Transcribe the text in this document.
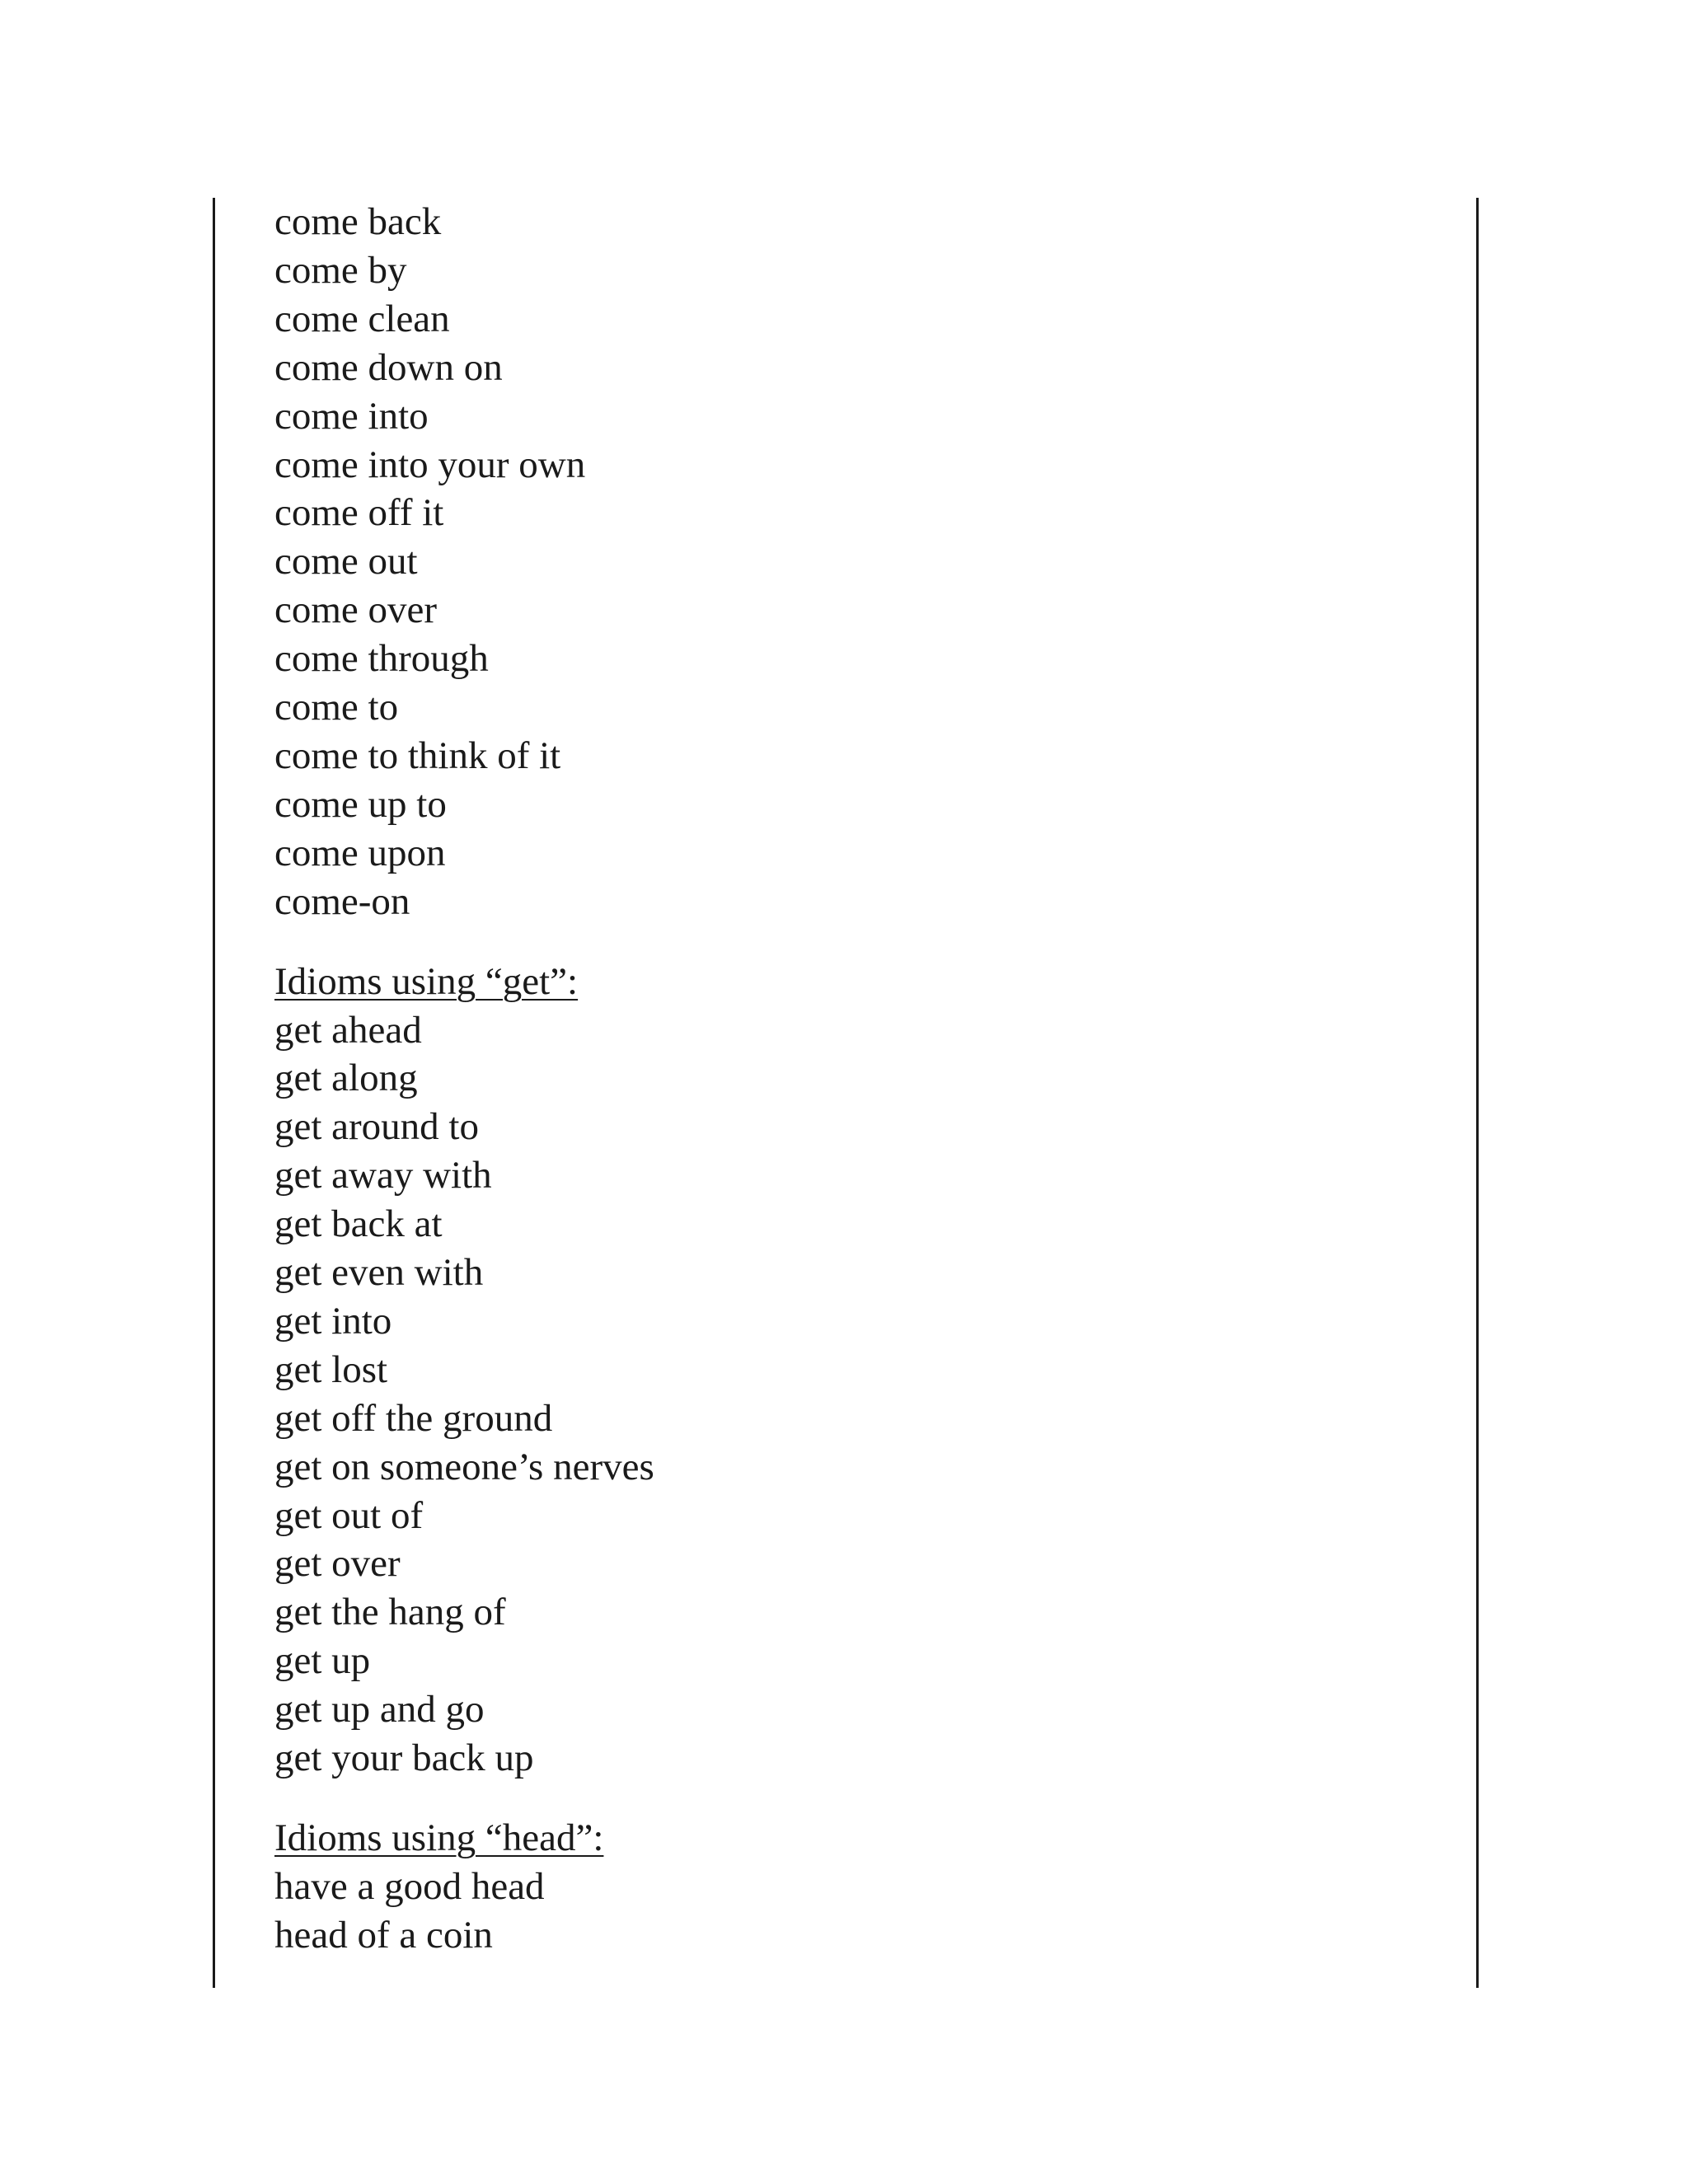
come back
come by
come clean
come down on
come into
come into your own
come off it
come out
come over
come through
come to
come to think of it
come up to
come upon
come-on
Idioms using “get”:
get ahead
get along
get around to
get away with
get back at
get even with
get into
get lost
get off the ground
get on someone’s nerves
get out of
get over
get the hang of
get up
get up and go
get your back up
Idioms using “head”:
have a good head
head of a coin
